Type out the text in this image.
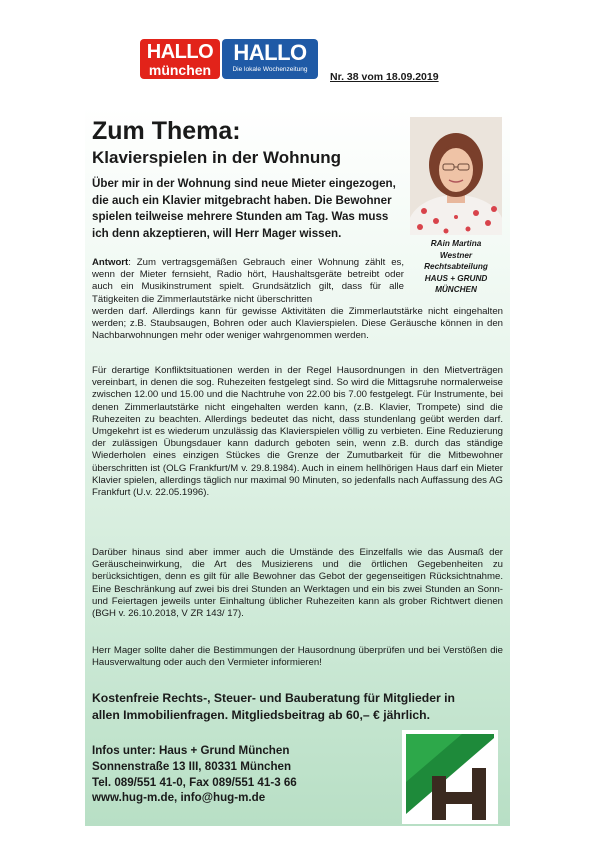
HALLO
münchen
HALLO
Die lokale Wochenzeitung
Nr. 38 vom 18.09.2019
Zum Thema:
Klavierspielen in der Wohnung
Über mir in der Wohnung sind neue Mieter eingezogen, die auch ein Klavier mitgebracht haben. Die Bewohner spielen teilweise mehrere Stunden am Tag. Was muss ich denn akzeptieren, will Herr Mager wissen.
RAin Martina
Westner
Rechtsabteilung
HAUS + GRUND
MÜNCHEN
Antwort: Zum vertragsgemäßen Gebrauch einer Wohnung zählt es, wenn der Mieter fernsieht, Radio hört, Haushaltsgeräte betreibt oder auch ein Musikinstrument spielt. Grundsätzlich gilt, dass für alle Tätigkeiten die Zimmerlautstärke nicht überschritten
werden darf. Allerdings kann für gewisse Aktivitäten die Zimmerlautstärke nicht eingehalten werden; z.B. Staubsaugen, Bohren oder auch Klavierspielen. Diese Geräusche können in den Nachbarwohnungen mehr oder weniger wahrgenommen werden.
Für derartige Konfliktsituationen werden in der Regel Hausordnungen in den Mietverträgen vereinbart, in denen die sog. Ruhezeiten festgelegt sind. So wird die Mittagsruhe normalerweise zwischen 12.00 und 15.00 und die Nachtruhe von 22.00 bis 7.00 festgelegt. Für Instrumente, bei denen Zimmerlautstärke nicht eingehalten werden kann, (z.B. Klavier, Trompete) sind die Ruhezeiten zu beachten. Allerdings bedeutet das nicht, dass stundenlang geübt werden darf. Umgekehrt ist es wiederum unzulässig das Klavierspielen völlig zu verbieten. Eine Reduzierung der zulässigen Übungsdauer kann dadurch geboten sein, wenn z.B. durch das ständige Wiederholen eines einzigen Stückes die Grenze der Zumutbarkeit für die Mitbewohner überschritten ist (OLG Frankfurt/M v. 29.8.1984). Auch in einem hellhörigen Haus darf ein Mieter Klavier spielen, allerdings täglich nur maximal 90 Minuten, so jedenfalls nach Auffassung des AG Frankfurt (U.v. 22.05.1996).
Darüber hinaus sind aber immer auch die Umstände des Einzelfalls wie das Ausmaß der Geräuscheinwirkung, die Art des Musizierens und die örtlichen Gegebenheiten zu berücksichtigen, denn es gilt für alle Bewohner das Gebot der gegenseitigen Rücksichtnahme. Eine Beschränkung auf zwei bis drei Stunden an Werktagen und ein bis zwei Stunden an Sonn- und Feiertagen jeweils unter Einhaltung üblicher Ruhezeiten kann als grober Richtwert dienen (BGH v. 26.10.2018, V ZR 143/ 17).
Herr Mager sollte daher die Bestimmungen der Hausordnung überprüfen und bei Verstößen die Hausverwaltung oder auch den Vermieter informieren!
Kostenfreie Rechts-, Steuer- und Bauberatung für Mitglieder in
allen Immobilienfragen. Mitgliedsbeitrag ab 60,– € jährlich.
Infos unter: Haus + Grund München
Sonnenstraße 13 III, 80331 München
Tel. 089/551 41-0, Fax 089/551 41-3 66
www.hug-m.de, info@hug-m.de
